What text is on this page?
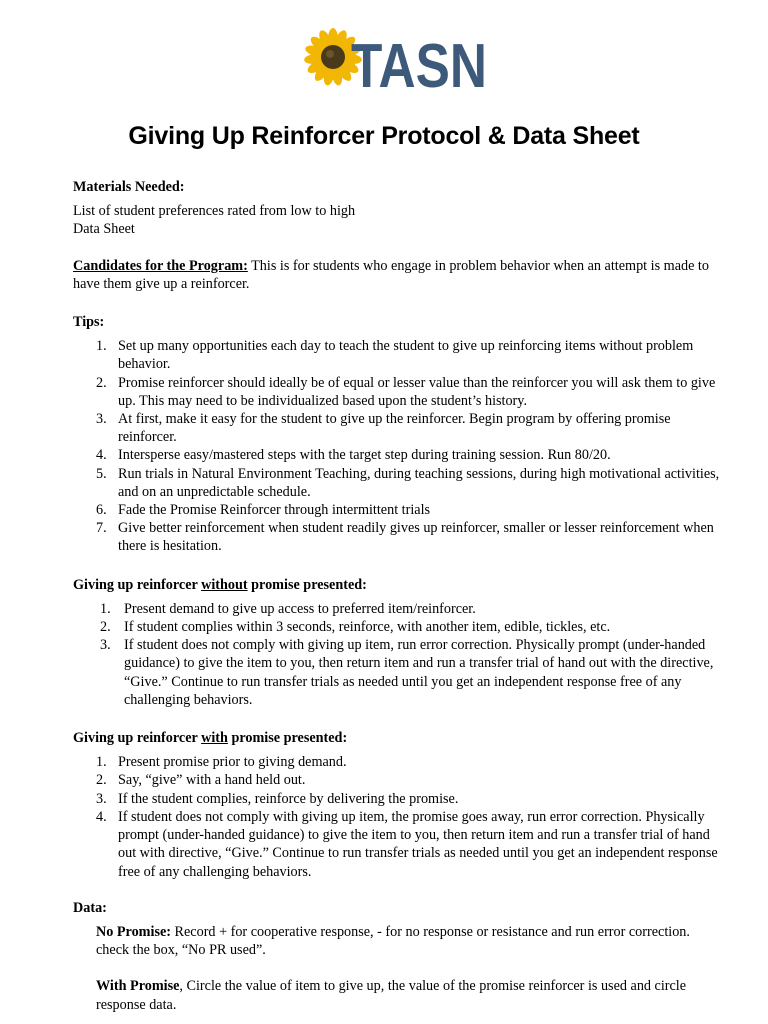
TASN
Giving Up Reinforcer Protocol & Data Sheet

Materials Needed:

List of student preferences rated from low to high

Data Sheet

Candidates for the Program: This is for students who engage in problem behavior when an attempt is made to have them give up a reinforcer.

Tips:

1. Set up many opportunities each day to teach the student to give up reinforcing items without problem behavior.
2. Promise reinforcer should ideally be of equal or lesser value than the reinforcer you will ask them to give up. This may need to be individualized based upon the student’s history.
3. At first, make it easy for the student to give up the reinforcer. Begin program by offering promise reinforcer.
4. Intersperse easy/mastered steps with the target step during training session. Run 80/20.
5. Run trials in Natural Environment Teaching, during teaching sessions, during high motivational activities, and on an unpredictable schedule.
6. Fade the Promise Reinforcer through intermittent trials
7. Give better reinforcement when student readily gives up reinforcer, smaller or lesser reinforcement when there is hesitation.

Giving up reinforcer without promise presented:

1. Present demand to give up access to preferred item/reinforcer.
2. If student complies within 3 seconds, reinforce, with another item, edible, tickles, etc.
3. If student does not comply with giving up item, run error correction. Physically prompt (under-handed guidance) to give the item to you, then return item and run a transfer trial of hand out with the directive, “Give.” Continue to run transfer trials as needed until you get an independent response free of any challenging behaviors.

Giving up reinforcer with promise presented:

1. Present promise prior to giving demand.
2. Say, “give” with a hand held out.
3. If the student complies, reinforce by delivering the promise.
4. If student does not comply with giving up item, the promise goes away, run error correction. Physically prompt (under-handed guidance) to give the item to you, then return item and run a transfer trial of hand out with directive, “Give.” Continue to run transfer trials as needed until you get an independent response free of any challenging behaviors.

Data:

No Promise: Record + for cooperative response, - for no response or resistance and run error correction. check the box, “No PR used”.

With Promise, Circle the value of item to give up, the value of the promise reinforcer is used and circle response data.
